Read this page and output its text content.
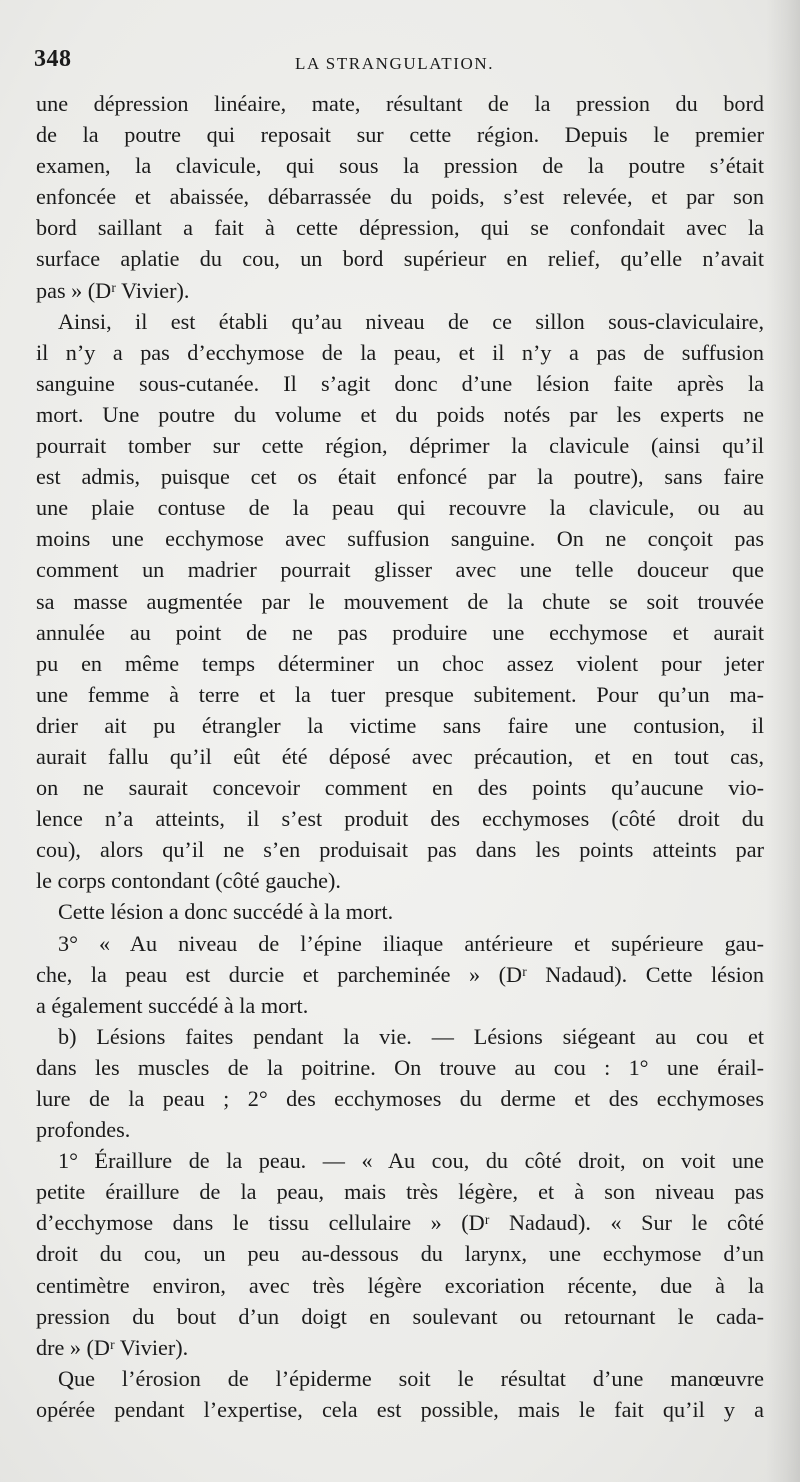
348	LA STRANGULATION.
une dépression linéaire, mate, résultant de la pression du bord
de la poutre qui reposait sur cette région. Depuis le premier
examen, la clavicule, qui sous la pression de la poutre s’était
enfoncée et abaissée, débarrassée du poids, s’est relevée, et par son
bord saillant a fait à cette dépression, qui se confondait avec la
surface aplatie du cou, un bord supérieur en relief, qu’elle n’avait
pas » (Dʳ Vivier).
Ainsi, il est établi qu’au niveau de ce sillon sous-claviculaire,
il n’y a pas d’ecchymose de la peau, et il n’y a pas de suffusion
sanguine sous-cutanée. Il s’agit donc d’une lésion faite après la
mort. Une poutre du volume et du poids notés par les experts ne
pourrait tomber sur cette région, déprimer la clavicule (ainsi qu’il
est admis, puisque cet os était enfoncé par la poutre), sans faire
une plaie contuse de la peau qui recouvre la clavicule, ou au
moins une ecchymose avec suffusion sanguine. On ne conçoit pas
comment un madrier pourrait glisser avec une telle douceur que
sa masse augmentée par le mouvement de la chute se soit trouvée
annulée au point de ne pas produire une ecchymose et aurait
pu en même temps déterminer un choc assez violent pour jeter
une femme à terre et la tuer presque subitement. Pour qu’un ma-
drier ait pu étrangler la victime sans faire une contusion, il
aurait fallu qu’il eût été déposé avec précaution, et en tout cas,
on ne saurait concevoir comment en des points qu’aucune vio-
lence n’a atteints, il s’est produit des ecchymoses (côté droit du
cou), alors qu’il ne s’en produisait pas dans les points atteints par
le corps contondant (côté gauche).
Cette lésion a donc succédé à la mort.
3° « Au niveau de l’épine iliaque antérieure et supérieure gau-
che, la peau est durcie et parcheminée » (Dʳ Nadaud). Cette lésion
a également succédé à la mort.
b) Lésions faites pendant la vie. — Lésions siégeant au cou et
dans les muscles de la poitrine. On trouve au cou : 1° une érail-
lure de la peau ; 2° des ecchymoses du derme et des ecchymoses
profondes.
1° Éraillure de la peau. — « Au cou, du côté droit, on voit une
petite éraillure de la peau, mais très légère, et à son niveau pas
d’ecchymose dans le tissu cellulaire » (Dʳ Nadaud). « Sur le côté
droit du cou, un peu au-dessous du larynx, une ecchymose d’un
centimètre environ, avec très légère excoriation récente, due à la
pression du bout d’un doigt en soulevant ou retournant le cada-
dre » (Dʳ Vivier).
Que l’érosion de l’épiderme soit le résultat d’une manœuvre
opérée pendant l’expertise, cela est possible, mais le fait qu’il y a
